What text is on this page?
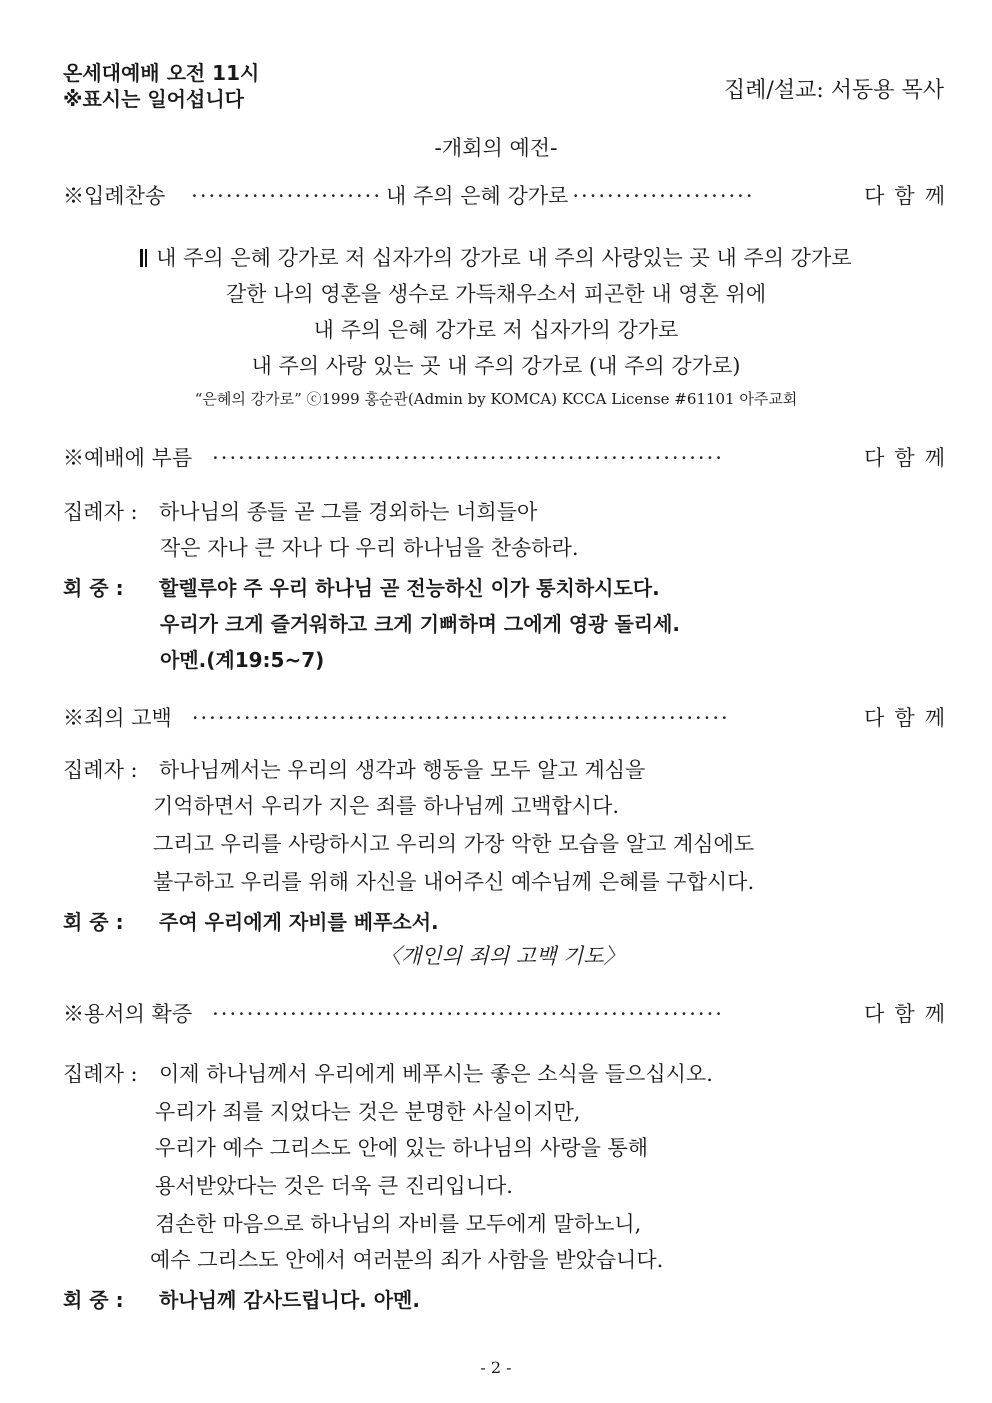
온세대예배 오전 11시
※표시는 일어섭니다	집례/설교: 서동용 목사
-개회의 예전-
※입례찬송 ······················ 내 주의 은혜 강가로 ·····················	다함께
내 주의 은혜 강가로 저 십자가의 강가로 내 주의 사랑있는 곳 내 주의 강가로
갈한 나의 영혼을 생수로 가득채우소서 피곤한 내 영혼 위에
내 주의 은혜 강가로 저 십자가의 강가로
내 주의 사랑 있는 곳 내 주의 강가로 (내 주의 강가로)
“은혜의 강가로” ⓒ1999 홍순관(Admin by KOMCA) KCCA License #61101 아주교회
※예배에 부름 ···························································	다함께
집례자 : 하나님의 종들 곧 그를 경외하는 너희들아
작은 자나 큰 자나 다 우리 하나님을 찬송하라.
회 중 : 할렐루야 주 우리 하나님 곧 전능하신 이가 통치하시도다.
우리가 크게 즐거워하고 크게 기뻐하며 그에게 영광 돌리세.
아멘.(계19:5~7)
※죄의 고백 ······························································	다함께
집례자 : 하나님께서는 우리의 생각과 행동을 모두 알고 계심을
기억하면서 우리가 지은 죄를 하나님께 고백합시다.
그리고 우리를 사랑하시고 우리의 가장 악한 모습을 알고 계심에도
불구하고 우리를 위해 자신을 내어주신 예수님께 은혜를 구합시다.
회 중 : 주여 우리에게 자비를 베푸소서.
〈개인의 죄의 고백 기도〉
※용서의 확증 ···························································	다함께
집례자 : 이제 하나님께서 우리에게 베푸시는 좋은 소식을 들으십시오.
우리가 죄를 지었다는 것은 분명한 사실이지만,
우리가 예수 그리스도 안에 있는 하나님의 사랑을 통해
용서받았다는 것은 더욱 큰 진리입니다.
겸손한 마음으로 하나님의 자비를 모두에게 말하노니,
예수 그리스도 안에서 여러분의 죄가 사함을 받았습니다.
회 중 : 하나님께 감사드립니다. 아멘.
- 2 -
